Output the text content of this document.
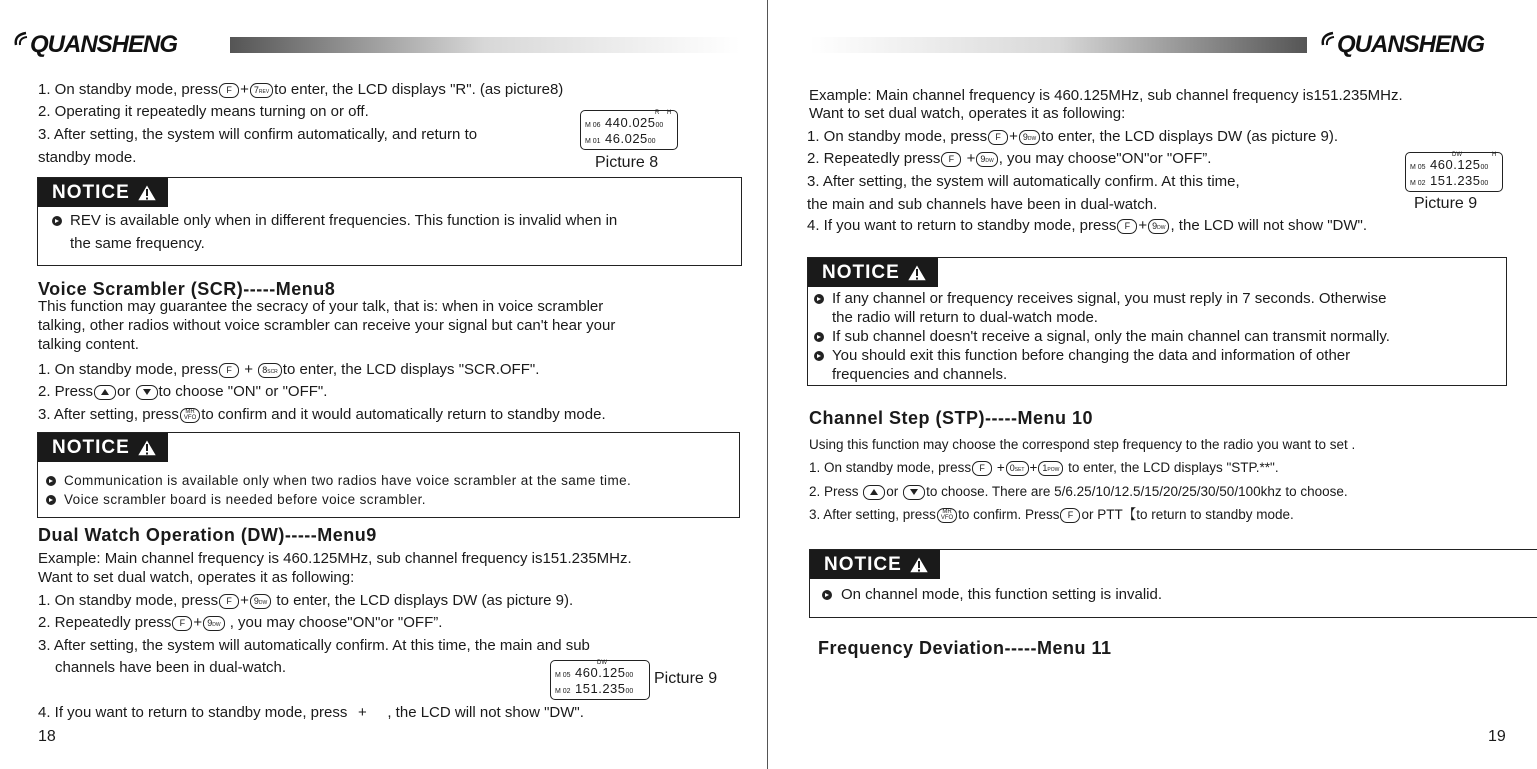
QUANSHENG	QUANSHENG
1. On standby mode, press F + 7REV to enter, the LCD displays "R". (as picture8)
2. Operating it repeatedly means turning on or off.
3. After setting, the system will confirm automatically, and return to
standby mode.
R H
M 06 440.02500
M 01 46.02500
Picture 8
NOTICE
REV is available only when in different frequencies. This function is invalid when in
the same frequency.
Voice Scrambler (SCR)-----Menu8
This function may guarantee the secracy of your talk, that is: when in voice scrambler
talking, other radios without voice scrambler can receive your signal but can't hear your
talking content.
1. On standby mode, press F + 8SCR to enter, the LCD displays "SCR.OFF".
2. Press or to choose "ON" or "OFF".
3. After setting, press MR
VFO to confirm and it would automatically return to standby mode.
NOTICE
Communication is available only when two radios have voice scrambler at the same time.
Voice scrambler board is needed before voice scrambler.
Dual Watch Operation (DW)-----Menu9
Example: Main channel frequency is 460.125MHz, sub channel frequency is151.235MHz.
Want to set dual watch, operates it as following:
1. On standby mode, press F + 9DW to enter, the LCD displays DW (as picture 9).
2. Repeatedly press F + 9DW , you may choose"ON"or "OFF”.
3. After setting, the system will automatically confirm. At this time, the main and sub
channels have been in dual-watch.	DW
M 05 460.12500
M 02 151.23500
Picture 9
4. If you want to return to standby mode, press + , the LCD will not show "DW".
18
Example: Main channel frequency is 460.125MHz, sub channel frequency is151.235MHz.
Want to set dual watch, operates it as following:
1. On standby mode, press F + 9DW to enter, the LCD displays DW (as picture 9).
2. Repeatedly press F + 9DW , you may choose"ON"or "OFF”.
3. After setting, the system will automatically confirm. At this time,
the main and sub channels have been in dual-watch.
4. If you want to return to standby mode, press F + 9DW , the LCD will not show "DW".
DW	H
M 05 460.12500
M 02 151.23500
Picture 9
NOTICE
If any channel or frequency receives signal, you must reply in 7 seconds. Otherwise
the radio will return to dual-watch mode.
If sub channel doesn't receive a signal, only the main channel can transmit normally.
You should exit this function before changing the data and information of other
frequencies and channels.
Channel Step (STP)-----Menu 10
Using this function may choose the correspond step frequency to the radio you want to set .
1. On standby mode, press F + 0SET + 1POW to enter, the LCD displays "STP.**".
2. Press or to choose. There are 5/6.25/10/12.5/15/20/25/30/50/100khz to choose.
3. After setting, press MR
VFO to confirm. Press F or PTT【to return to standby mode.
NOTICE
On channel mode, this function setting is invalid.
Frequency Deviation-----Menu 11
19
